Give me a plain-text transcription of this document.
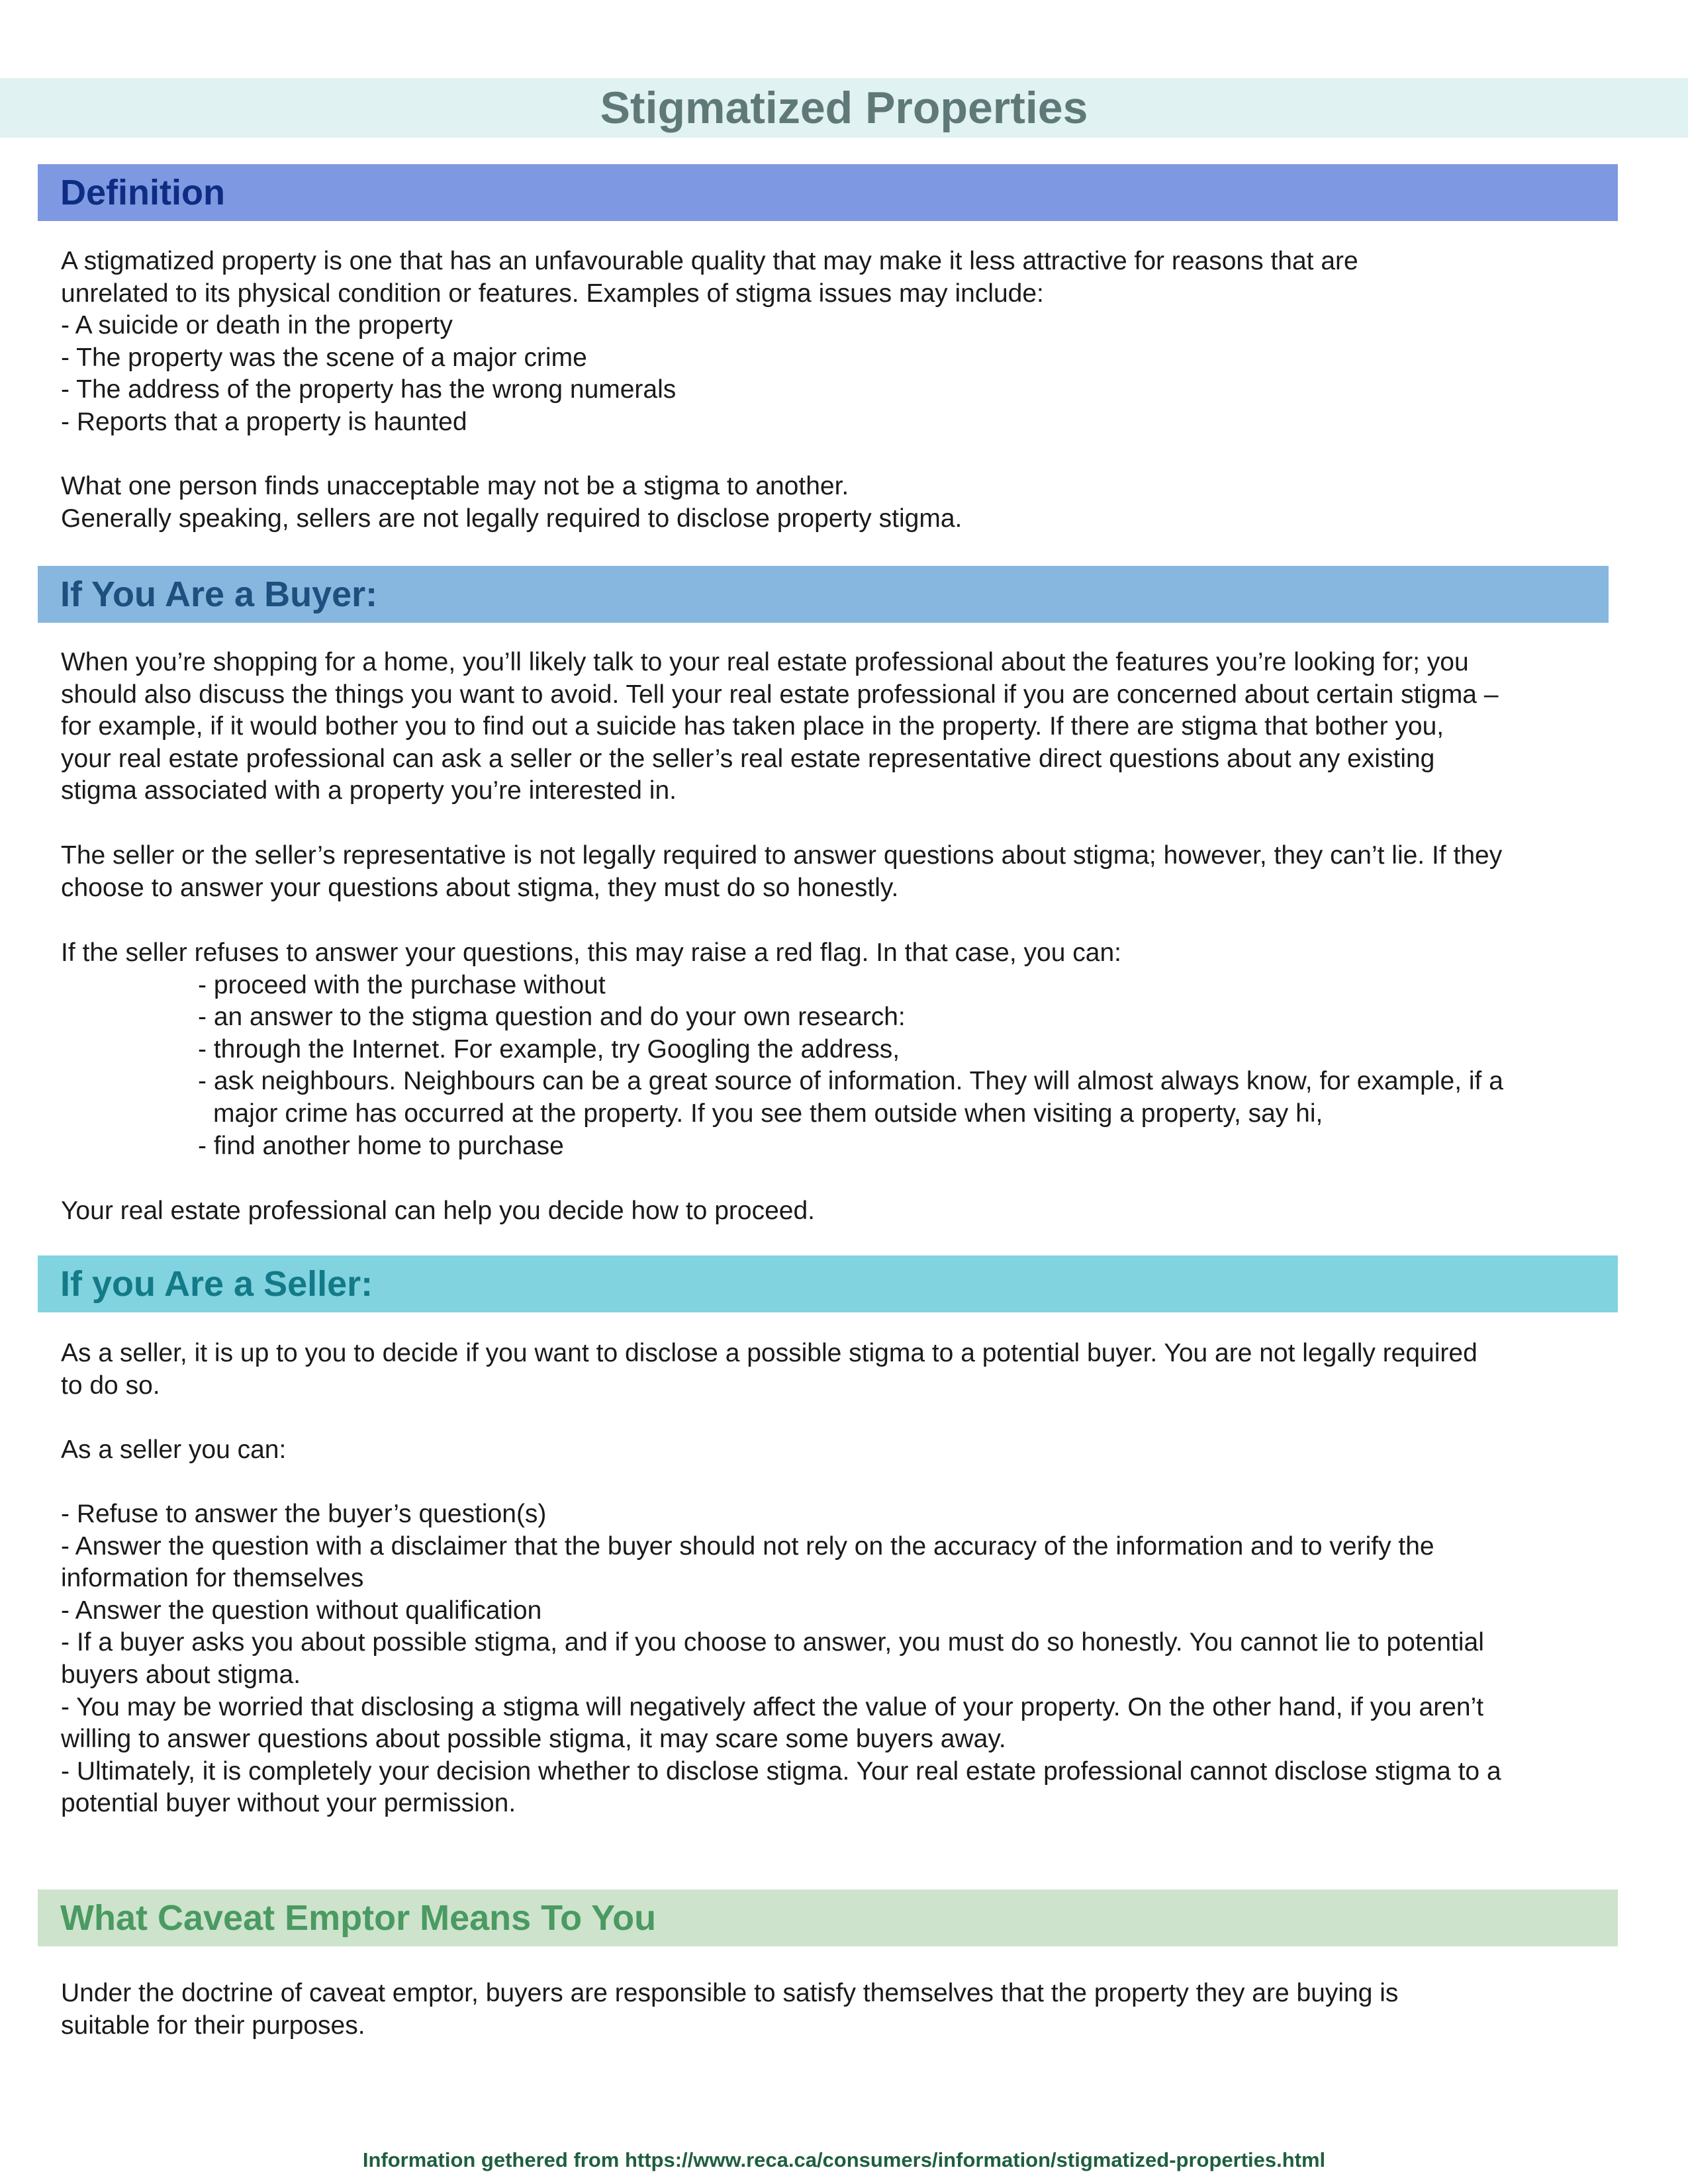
Stigmatized Properties
Definition
A stigmatized property is one that has an unfavourable quality that may make it less attractive for reasons that are
unrelated to its physical condition or features. Examples of stigma issues may include:
- A suicide or death in the property
- The property was the scene of a major crime
- The address of the property has the wrong numerals
- Reports that a property is haunted
What one person finds unacceptable may not be a stigma to another.
Generally speaking, sellers are not legally required to disclose property stigma.
If You Are a Buyer:
When you’re shopping for a home, you’ll likely talk to your real estate professional about the features you’re looking for; you
should also discuss the things you want to avoid. Tell your real estate professional if you are concerned about certain stigma –
for example, if it would bother you to find out a suicide has taken place in the property. If there are stigma that bother you,
your real estate professional can ask a seller or the seller’s real estate representative direct questions about any existing
stigma associated with a property you’re interested in.
The seller or the seller’s representative is not legally required to answer questions about stigma; however, they can’t lie. If they
choose to answer your questions about stigma, they must do so honestly.
If the seller refuses to answer your questions, this may raise a red flag. In that case, you can:
- proceed with the purchase without
- an answer to the stigma question and do your own research:
- through the Internet. For example, try Googling the address,
- ask neighbours. Neighbours can be a great source of information. They will almost always know, for example, if a
major crime has occurred at the property. If you see them outside when visiting a property, say hi,
- find another home to purchase
Your real estate professional can help you decide how to proceed.
If you Are a Seller:
As a seller, it is up to you to decide if you want to disclose a possible stigma to a potential buyer. You are not legally required
to do so.
As a seller you can:
- Refuse to answer the buyer’s question(s)
- Answer the question with a disclaimer that the buyer should not rely on the accuracy of the information and to verify the
information for themselves
- Answer the question without qualification
- If a buyer asks you about possible stigma, and if you choose to answer, you must do so honestly. You cannot lie to potential
buyers about stigma.
- You may be worried that disclosing a stigma will negatively affect the value of your property. On the other hand, if you aren’t
willing to answer questions about possible stigma, it may scare some buyers away.
- Ultimately, it is completely your decision whether to disclose stigma. Your real estate professional cannot disclose stigma to a
potential buyer without your permission.
What Caveat Emptor Means To You
Under the doctrine of caveat emptor, buyers are responsible to satisfy themselves that the property they are buying is
suitable for their purposes.
Information gethered from https://www.reca.ca/consumers/information/stigmatized-properties.html
